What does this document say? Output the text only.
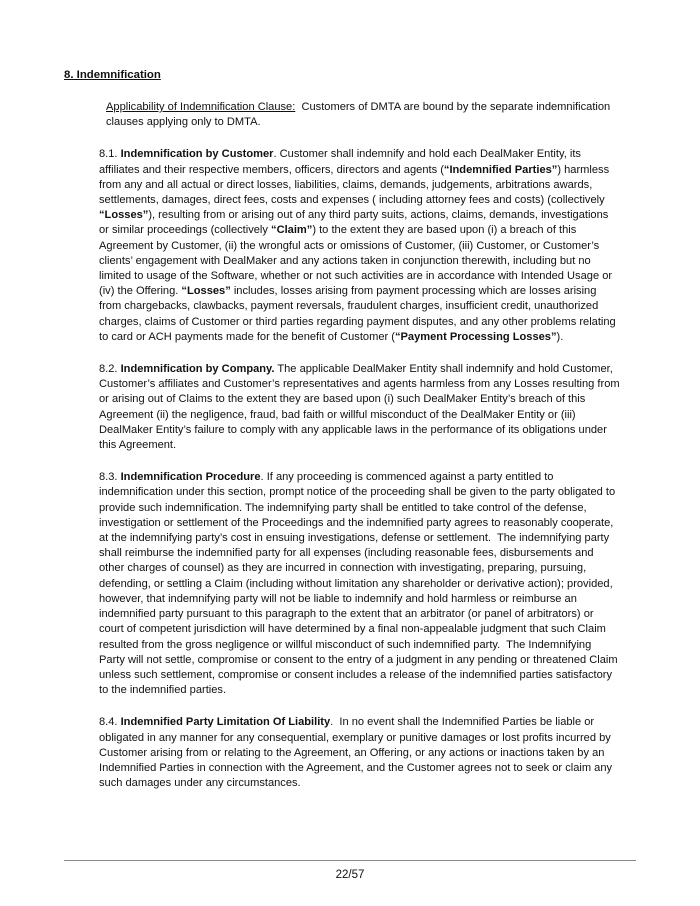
8. Indemnification

Applicability of Indemnification Clause:  Customers of DMTA are bound by the separate indemnification
clauses applying only to DMTA.

8.1. Indemnification by Customer. Customer shall indemnify and hold each DealMaker Entity, its
affiliates and their respective members, officers, directors and agents (“Indemnified Parties”) harmless
from any and all actual or direct losses, liabilities, claims, demands, judgements, arbitrations awards,
settlements, damages, direct fees, costs and expenses ( including attorney fees and costs) (collectively
“Losses”), resulting from or arising out of any third party suits, actions, claims, demands, investigations
or similar proceedings (collectively “Claim”) to the extent they are based upon (i) a breach of this
Agreement by Customer, (ii) the wrongful acts or omissions of Customer, (iii) Customer, or Customer’s
clients’ engagement with DealMaker and any actions taken in conjunction therewith, including but no
limited to usage of the Software, whether or not such activities are in accordance with Intended Usage or
(iv) the Offering. “Losses” includes, losses arising from payment processing which are losses arising
from chargebacks, clawbacks, payment reversals, fraudulent charges, insufficient credit, unauthorized
charges, claims of Customer or third parties regarding payment disputes, and any other problems relating
to card or ACH payments made for the benefit of Customer (“Payment Processing Losses”).

8.2. Indemnification by Company. The applicable DealMaker Entity shall indemnify and hold Customer,
Customer’s affiliates and Customer’s representatives and agents harmless from any Losses resulting from
or arising out of Claims to the extent they are based upon (i) such DealMaker Entity’s breach of this
Agreement (ii) the negligence, fraud, bad faith or willful misconduct of the DealMaker Entity or (iii)
DealMaker Entity’s failure to comply with any applicable laws in the performance of its obligations under
this Agreement.

8.3. Indemnification Procedure. If any proceeding is commenced against a party entitled to
indemnification under this section, prompt notice of the proceeding shall be given to the party obligated to
provide such indemnification. The indemnifying party shall be entitled to take control of the defense,
investigation or settlement of the Proceedings and the indemnified party agrees to reasonably cooperate,
at the indemnifying party’s cost in ensuing investigations, defense or settlement.  The indemnifying party
shall reimburse the indemnified party for all expenses (including reasonable fees, disbursements and
other charges of counsel) as they are incurred in connection with investigating, preparing, pursuing,
defending, or settling a Claim (including without limitation any shareholder or derivative action); provided,
however, that indemnifying party will not be liable to indemnify and hold harmless or reimburse an
indemnified party pursuant to this paragraph to the extent that an arbitrator (or panel of arbitrators) or
court of competent jurisdiction will have determined by a final non-appealable judgment that such Claim
resulted from the gross negligence or willful misconduct of such indemnified party.  The Indemnifying
Party will not settle, compromise or consent to the entry of a judgment in any pending or threatened Claim
unless such settlement, compromise or consent includes a release of the indemnified parties satisfactory
to the indemnified parties.

8.4. Indemnified Party Limitation Of Liability.  In no event shall the Indemnified Parties be liable or
obligated in any manner for any consequential, exemplary or punitive damages or lost profits incurred by
Customer arising from or relating to the Agreement, an Offering, or any actions or inactions taken by an
Indemnified Parties in connection with the Agreement, and the Customer agrees not to seek or claim any
such damages under any circumstances.

22/57
